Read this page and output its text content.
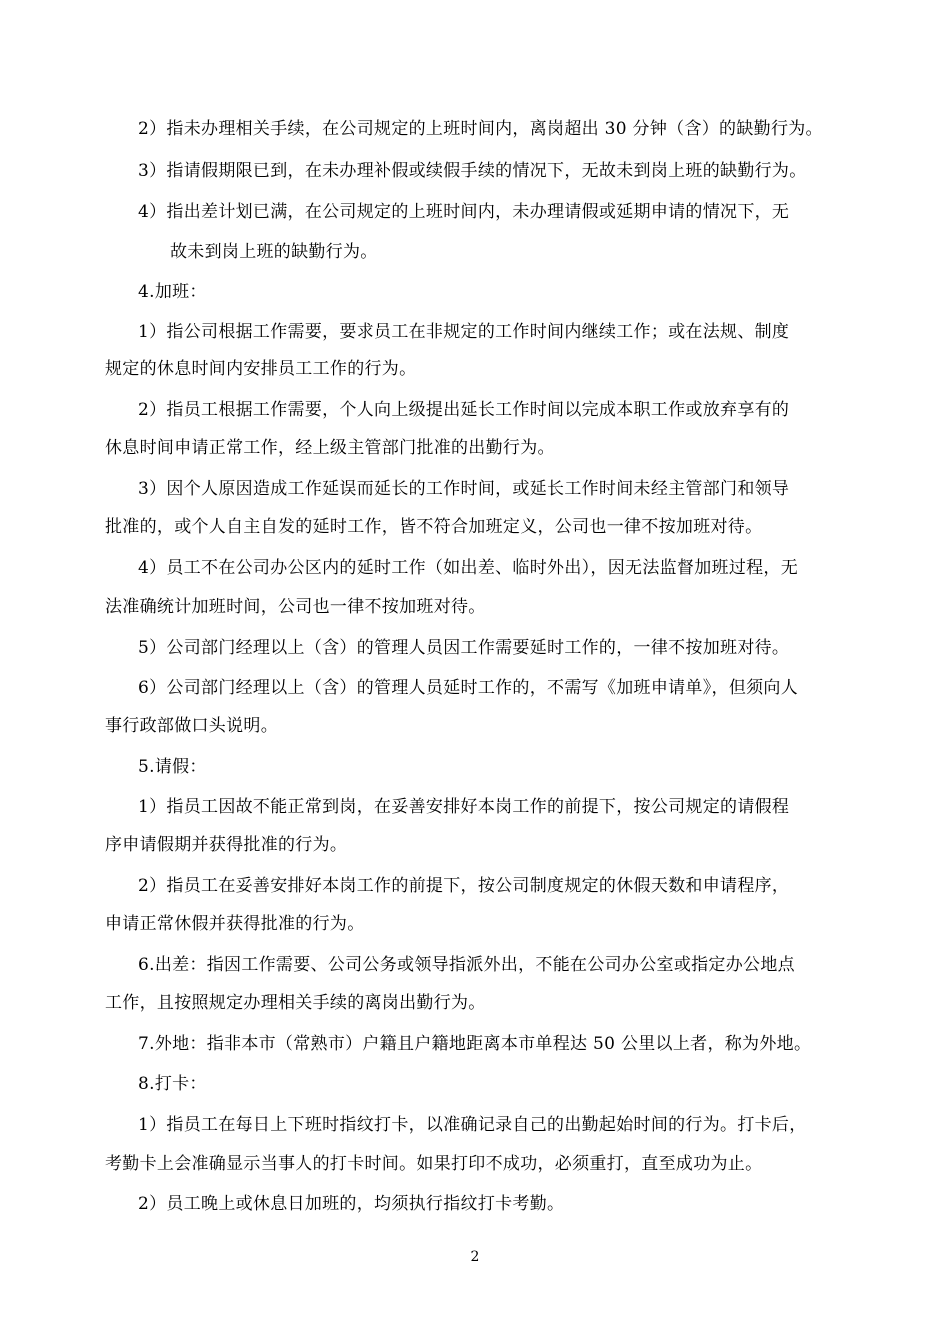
2）指未办理相关手续，在公司规定的上班时间内，离岗超出 30 分钟（含）的缺勤行为。
3）指请假期限已到，在未办理补假或续假手续的情况下，无故未到岗上班的缺勤行为。
4）指出差计划已满，在公司规定的上班时间内，未办理请假或延期申请的情况下，无
故未到岗上班的缺勤行为。
4.加班：
1）指公司根据工作需要，要求员工在非规定的工作时间内继续工作；或在法规、制度
规定的休息时间内安排员工工作的行为。
2）指员工根据工作需要，个人向上级提出延长工作时间以完成本职工作或放弃享有的
休息时间申请正常工作，经上级主管部门批准的出勤行为。
3）因个人原因造成工作延误而延长的工作时间，或延长工作时间未经主管部门和领导
批准的，或个人自主自发的延时工作，皆不符合加班定义，公司也一律不按加班对待。
4）员工不在公司办公区内的延时工作（如出差、临时外出），因无法监督加班过程，无
法准确统计加班时间，公司也一律不按加班对待。
5）公司部门经理以上（含）的管理人员因工作需要延时工作的，一律不按加班对待。
6）公司部门经理以上（含）的管理人员延时工作的，不需写《加班申请单》，但须向人
事行政部做口头说明。
5.请假：
1）指员工因故不能正常到岗，在妥善安排好本岗工作的前提下，按公司规定的请假程
序申请假期并获得批准的行为。
2）指员工在妥善安排好本岗工作的前提下，按公司制度规定的休假天数和申请程序，
申请正常休假并获得批准的行为。
6.出差：指因工作需要、公司公务或领导指派外出，不能在公司办公室或指定办公地点
工作，且按照规定办理相关手续的离岗出勤行为。
7.外地：指非本市（常熟市）户籍且户籍地距离本市单程达 50 公里以上者，称为外地。
8.打卡：
1）指员工在每日上下班时指纹打卡，以准确记录自己的出勤起始时间的行为。打卡后，
考勤卡上会准确显示当事人的打卡时间。如果打印不成功，必须重打，直至成功为止。
2）员工晚上或休息日加班的，均须执行指纹打卡考勤。
2
